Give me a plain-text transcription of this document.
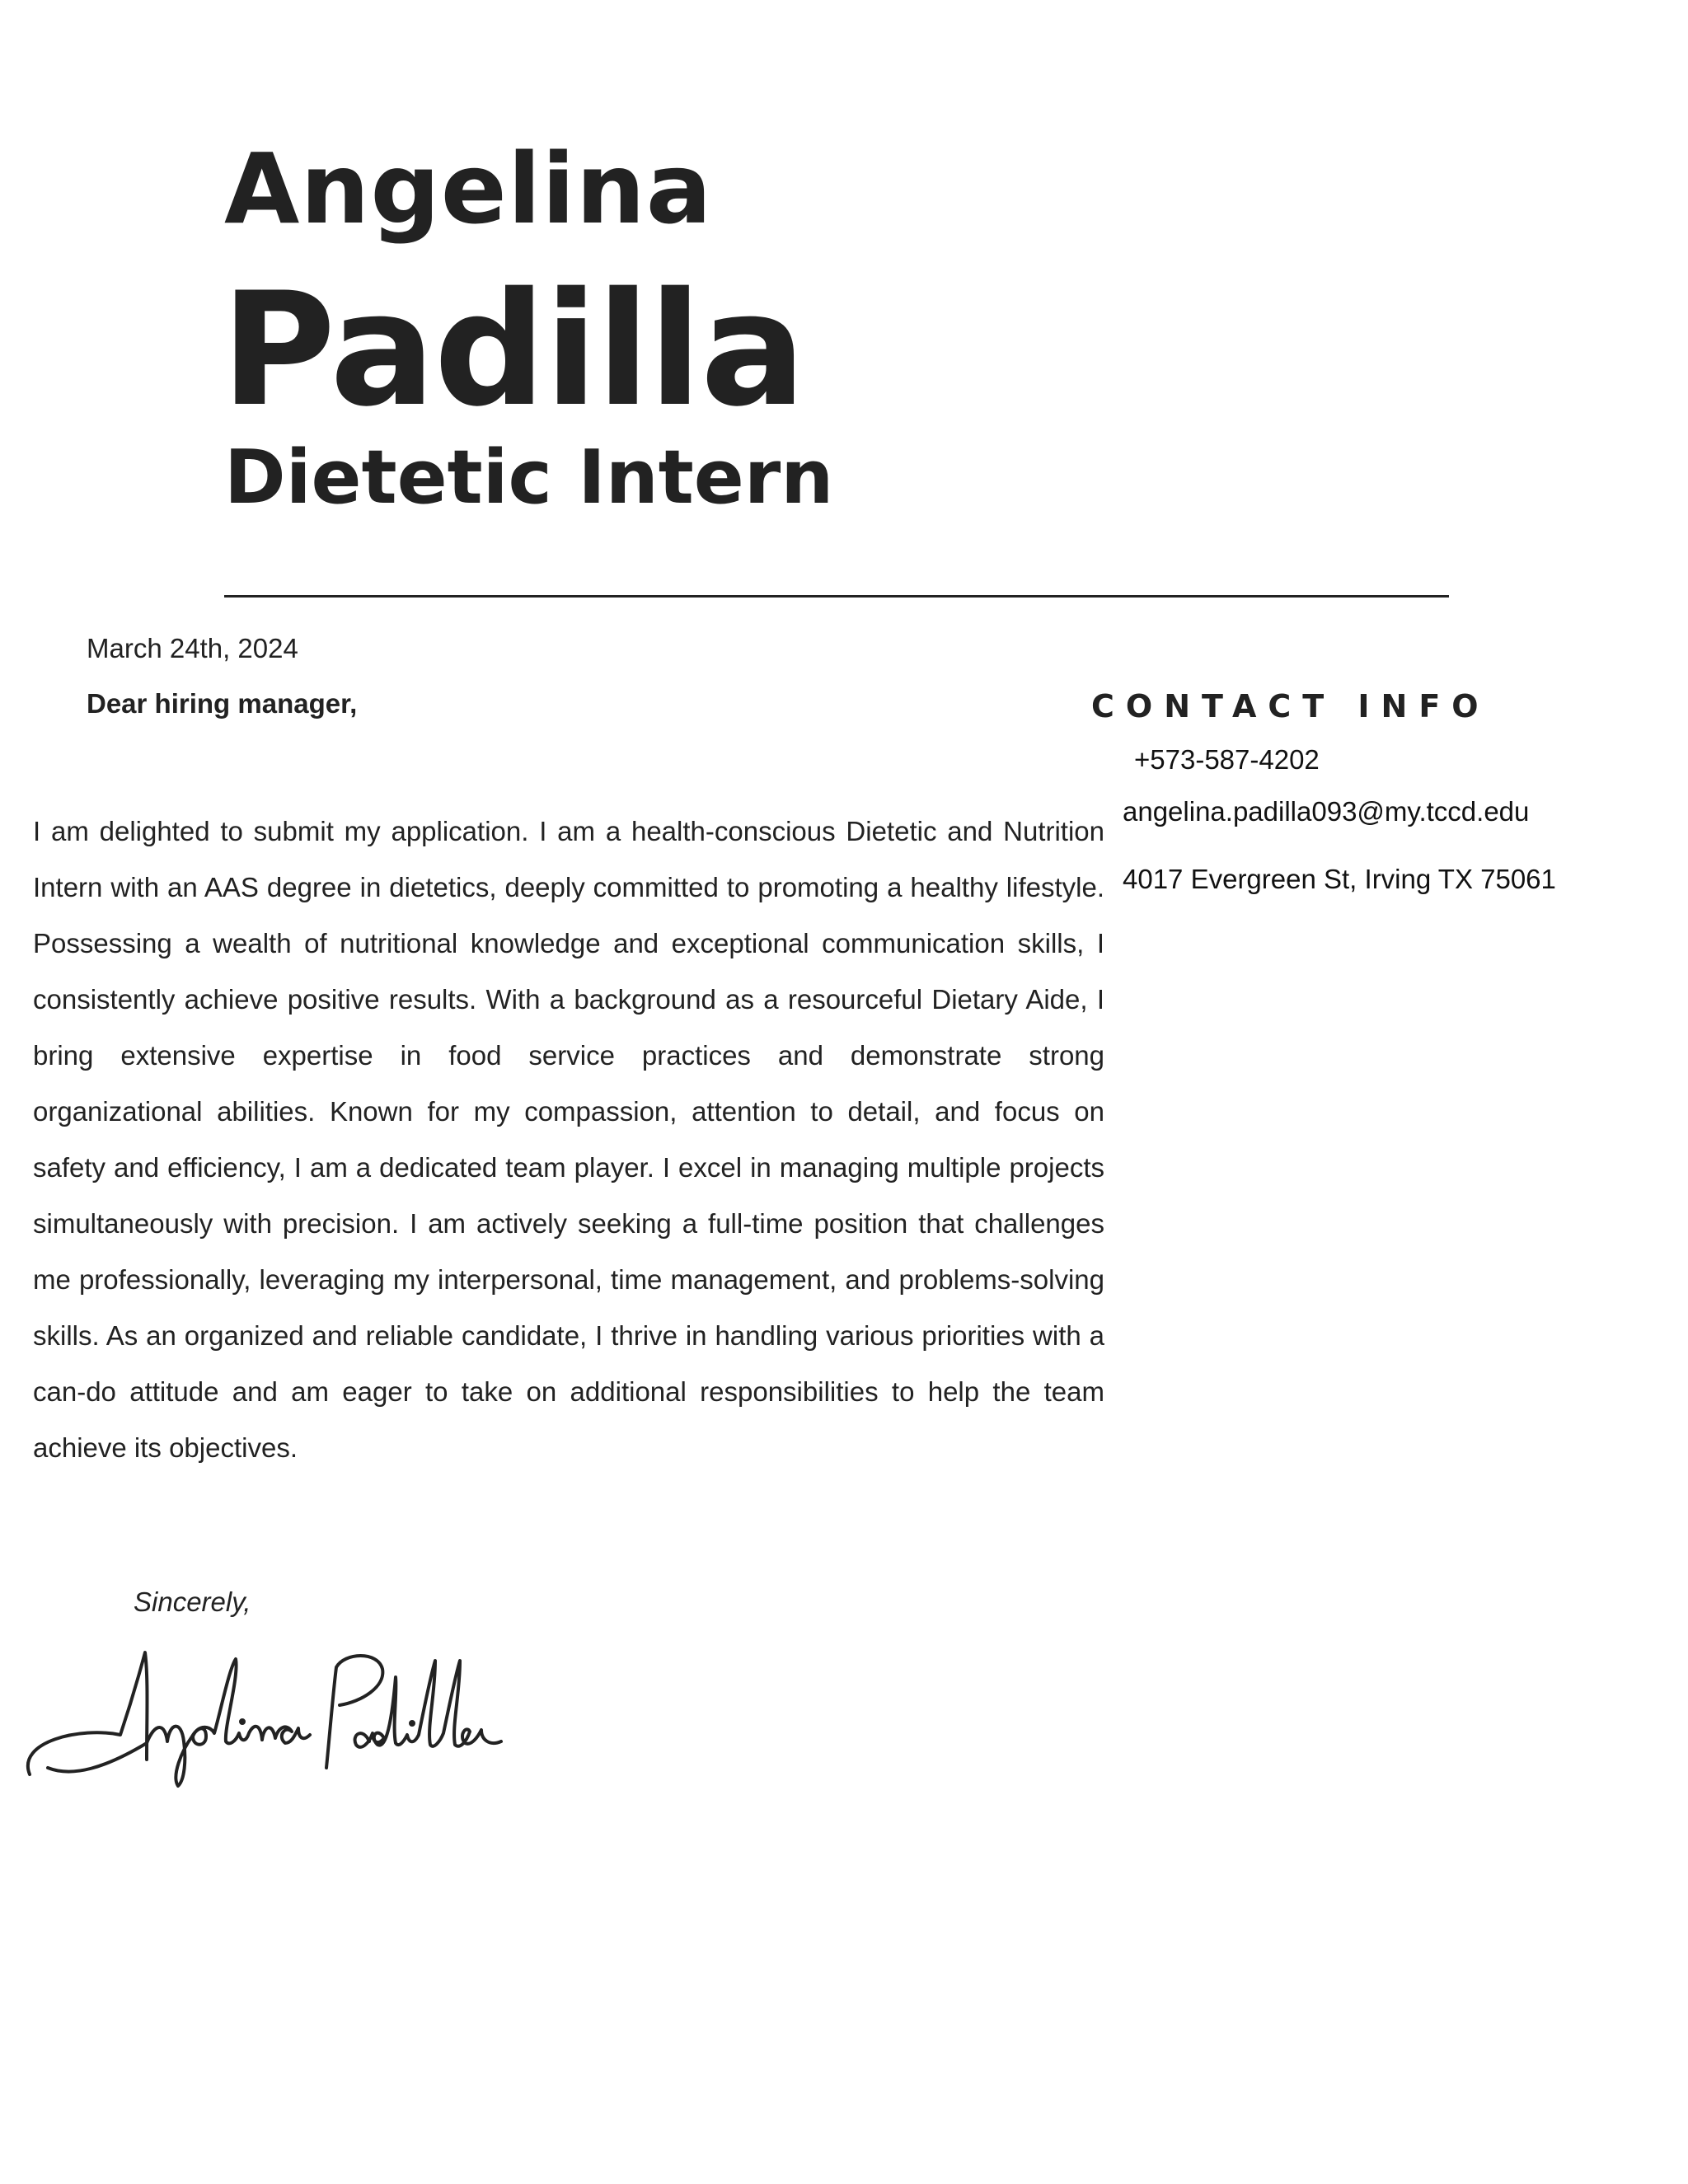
Angelina
Padilla
Dietetic Intern
March 24th, 2024
Dear hiring manager,

I am delighted to submit my application. I am a health-conscious Dietetic and Nutrition Intern with an AAS degree in dietetics, deeply committed to promoting a healthy lifestyle. Possessing a wealth of nutritional knowledge and exceptional communication skills, I consistently achieve positive results. With a background as a resourceful Dietary Aide, I bring extensive expertise in food service practices and demonstrate strong organizational abilities. Known for my compassion, attention to detail, and focus on safety and efficiency, I am a dedicated team player. I excel in managing multiple projects simultaneously with precision. I am actively seeking a full-time position that challenges me professionally, leveraging my interpersonal, time management, and problems-solving skills. As an organized and reliable candidate, I thrive in handling various priorities with a can-do attitude and am eager to take on additional responsibilities to help the team achieve its objectives.

Sincerely,
CONTACT INFO
+573-587-4202
angelina.padilla093@my.tccd.edu
4017 Evergreen St, Irving TX 75061
